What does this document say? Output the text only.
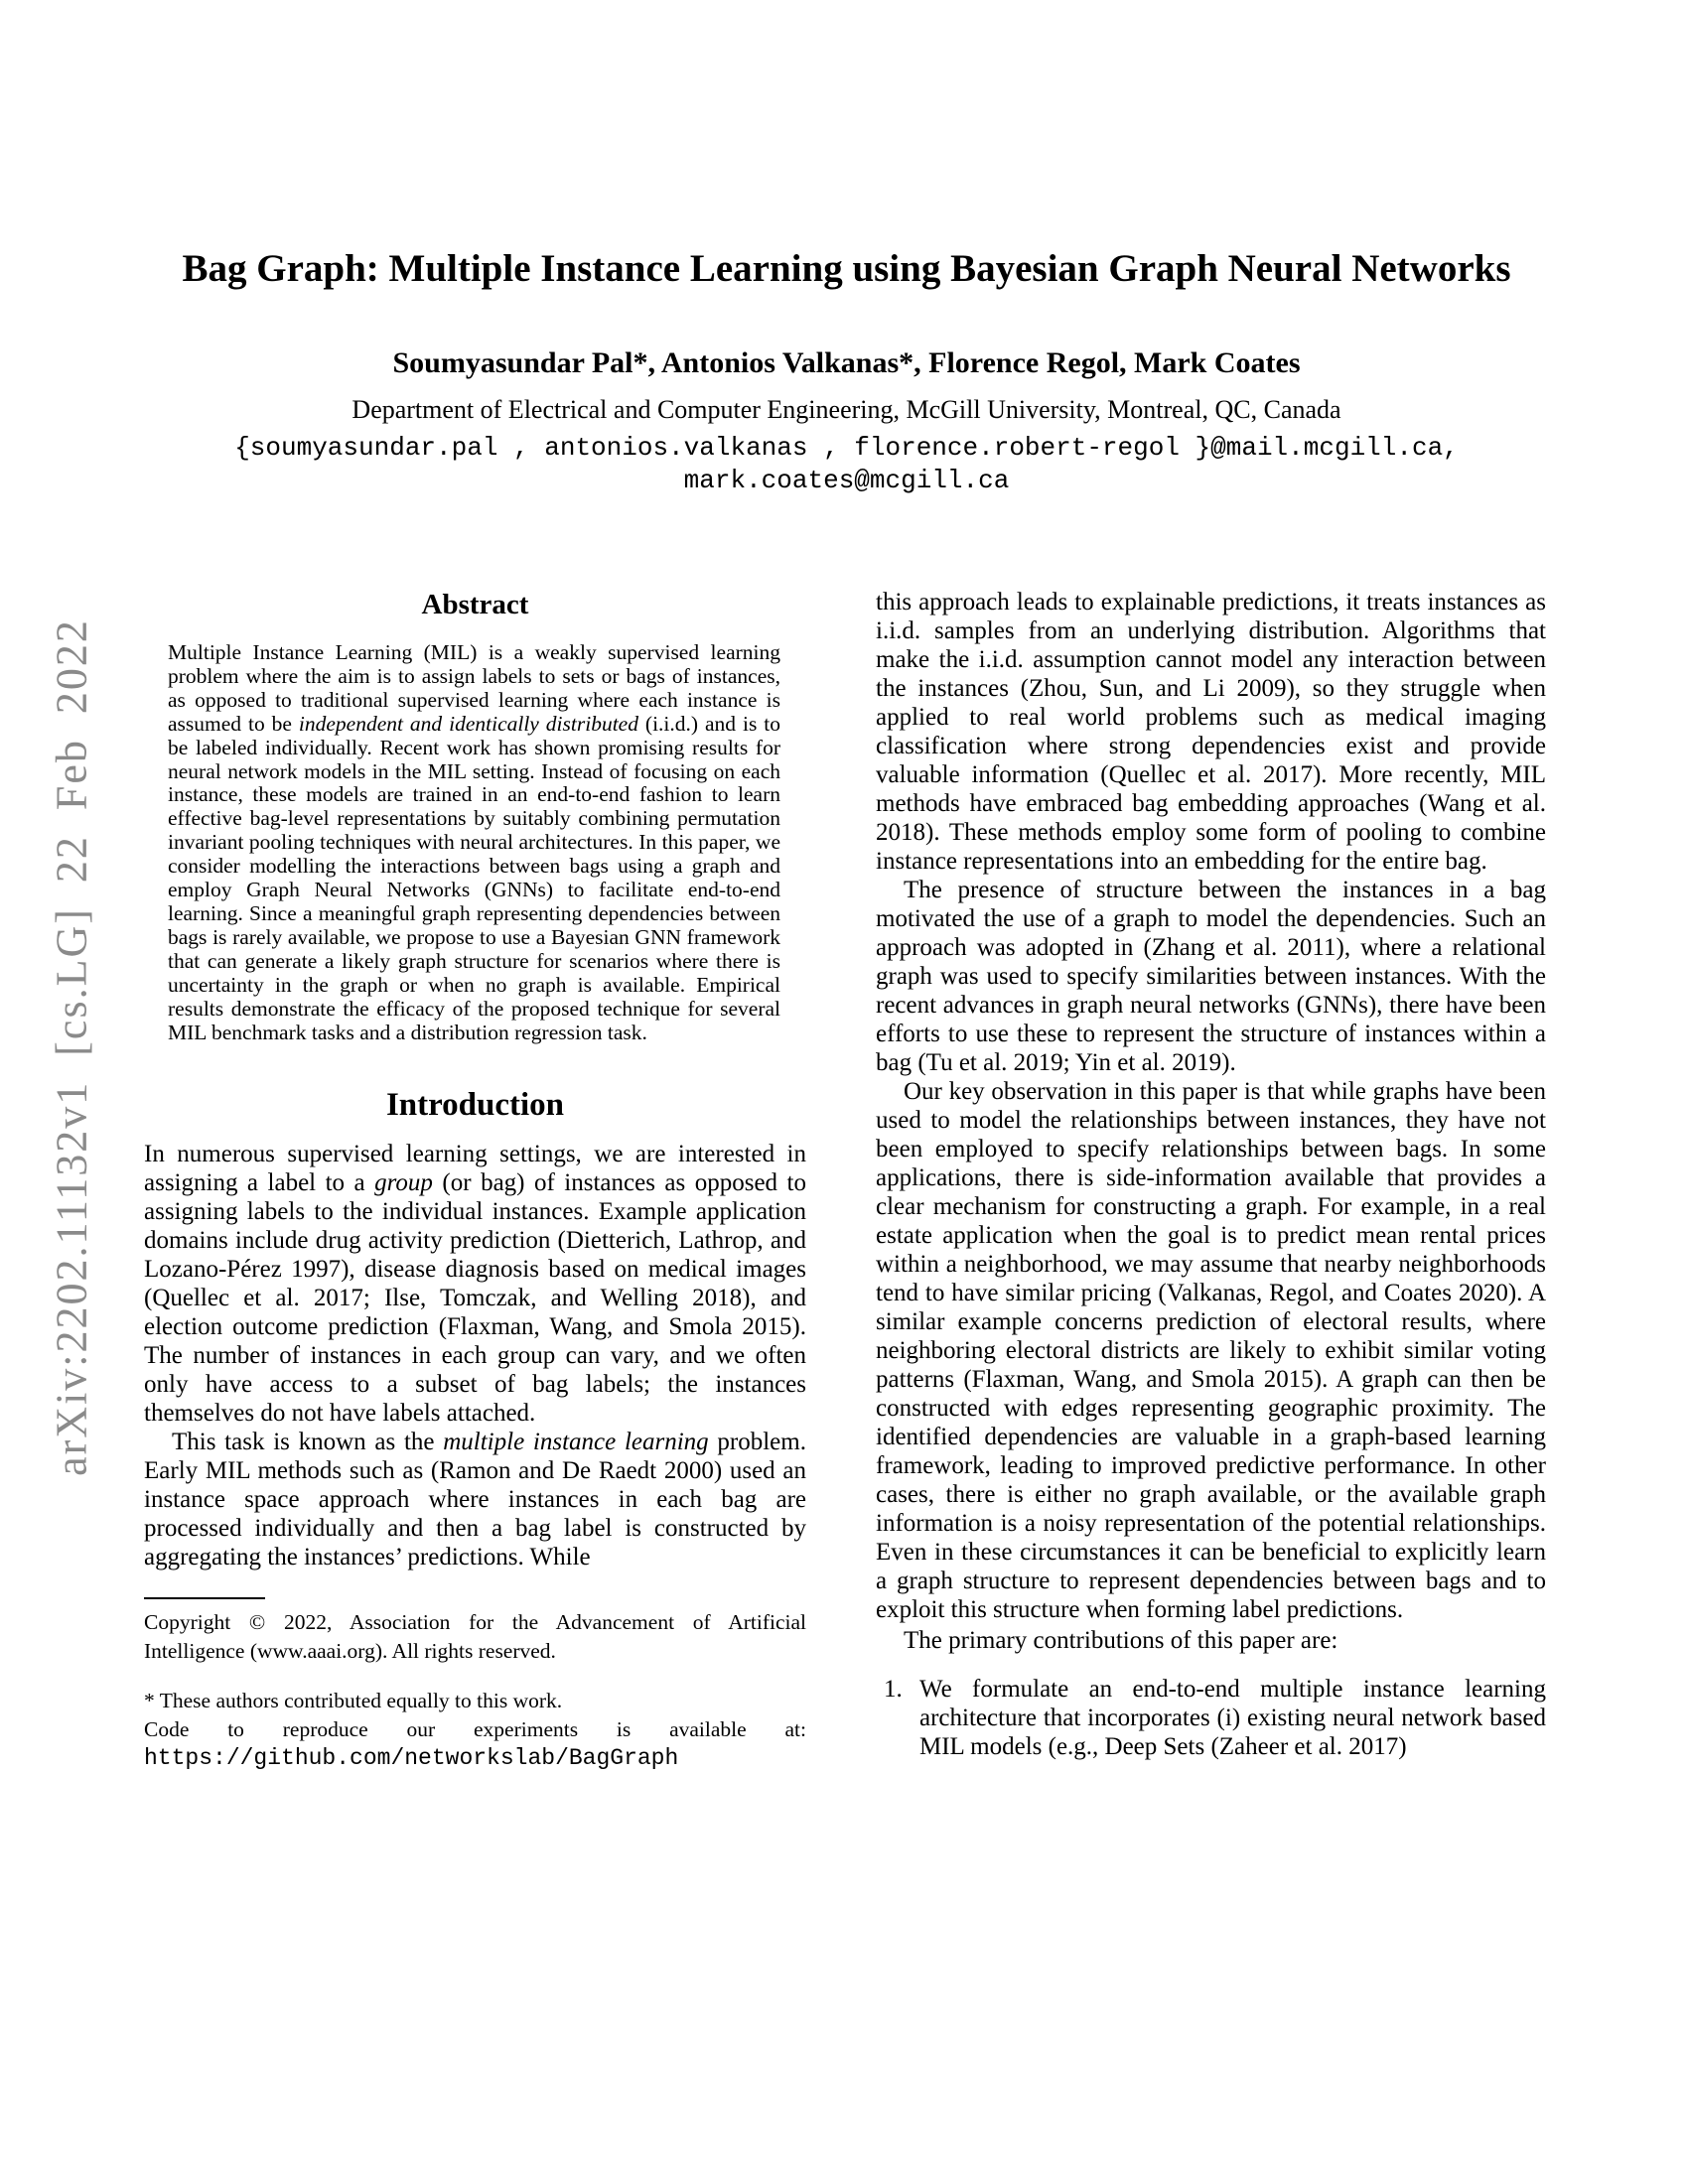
arXiv:2202.11132v1 [cs.LG] 22 Feb 2022
Bag Graph: Multiple Instance Learning using Bayesian Graph Neural Networks
Soumyasundar Pal*, Antonios Valkanas*, Florence Regol, Mark Coates
Department of Electrical and Computer Engineering, McGill University, Montreal, QC, Canada
{soumyasundar.pal , antonios.valkanas , florence.robert-regol }@mail.mcgill.ca,
mark.coates@mcgill.ca
Abstract

Multiple Instance Learning (MIL) is a weakly supervised learning problem where the aim is to assign labels to sets or bags of instances, as opposed to traditional supervised learning where each instance is assumed to be independent and identically distributed (i.i.d.) and is to be labeled individually. Recent work has shown promising results for neural network models in the MIL setting. Instead of focusing on each instance, these models are trained in an end-to-end fashion to learn effective bag-level representations by suitably combining permutation invariant pooling techniques with neural architectures. In this paper, we consider modelling the interactions between bags using a graph and employ Graph Neural Networks (GNNs) to facilitate end-to-end learning. Since a meaningful graph representing dependencies between bags is rarely available, we propose to use a Bayesian GNN framework that can generate a likely graph structure for scenarios where there is uncertainty in the graph or when no graph is available. Empirical results demonstrate the efficacy of the proposed technique for several MIL benchmark tasks and a distribution regression task.

Introduction

In numerous supervised learning settings, we are interested in assigning a label to a group (or bag) of instances as opposed to assigning labels to the individual instances. Example application domains include drug activity prediction (Dietterich, Lathrop, and Lozano-Pérez 1997), disease diagnosis based on medical images (Quellec et al. 2017; Ilse, Tomczak, and Welling 2018), and election outcome prediction (Flaxman, Wang, and Smola 2015). The number of instances in each group can vary, and we often only have access to a subset of bag labels; the instances themselves do not have labels attached.

This task is known as the multiple instance learning problem. Early MIL methods such as (Ramon and De Raedt 2000) used an instance space approach where instances in each bag are processed individually and then a bag label is constructed by aggregating the instances’ predictions. While

Copyright © 2022, Association for the Advancement of Artificial Intelligence (www.aaai.org). All rights reserved.

* These authors contributed equally to this work.

Code to reproduce our experiments is available at: https://github.com/networkslab/BagGraph

this approach leads to explainable predictions, it treats instances as i.i.d. samples from an underlying distribution. Algorithms that make the i.i.d. assumption cannot model any interaction between the instances (Zhou, Sun, and Li 2009), so they struggle when applied to real world problems such as medical imaging classification where strong dependencies exist and provide valuable information (Quellec et al. 2017). More recently, MIL methods have embraced bag embedding approaches (Wang et al. 2018). These methods employ some form of pooling to combine instance representations into an embedding for the entire bag.

The presence of structure between the instances in a bag motivated the use of a graph to model the dependencies. Such an approach was adopted in (Zhang et al. 2011), where a relational graph was used to specify similarities between instances. With the recent advances in graph neural networks (GNNs), there have been efforts to use these to represent the structure of instances within a bag (Tu et al. 2019; Yin et al. 2019).

Our key observation in this paper is that while graphs have been used to model the relationships between instances, they have not been employed to specify relationships between bags. In some applications, there is side-information available that provides a clear mechanism for constructing a graph. For example, in a real estate application when the goal is to predict mean rental prices within a neighborhood, we may assume that nearby neighborhoods tend to have similar pricing (Valkanas, Regol, and Coates 2020). A similar example concerns prediction of electoral results, where neighboring electoral districts are likely to exhibit similar voting patterns (Flaxman, Wang, and Smola 2015). A graph can then be constructed with edges representing geographic proximity. The identified dependencies are valuable in a graph-based learning framework, leading to improved predictive performance. In other cases, there is either no graph available, or the available graph information is a noisy representation of the potential relationships. Even in these circumstances it can be beneficial to explicitly learn a graph structure to represent dependencies between bags and to exploit this structure when forming label predictions.

The primary contributions of this paper are:

1. We formulate an end-to-end multiple instance learning architecture that incorporates (i) existing neural network based MIL models (e.g., Deep Sets (Zaheer et al. 2017)
